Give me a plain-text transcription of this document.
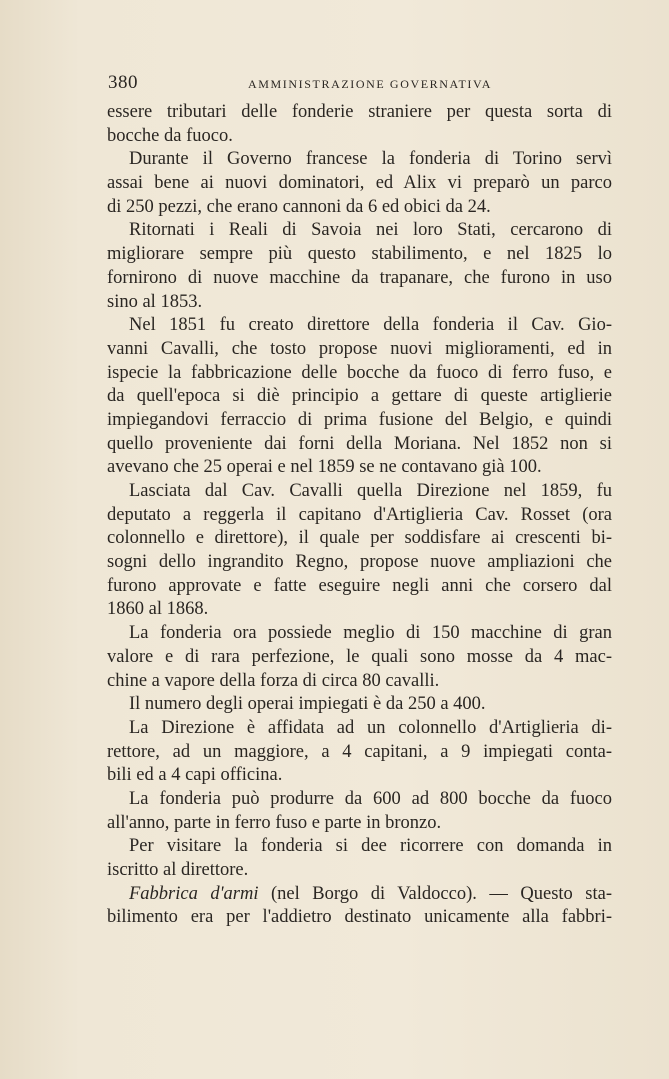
380	AMMINISTRAZIONE GOVERNATIVA
essere tributari delle fonderie straniere per questa sorta di
bocche da fuoco.
Durante il Governo francese la fonderia di Torino servì
assai bene ai nuovi dominatori, ed Alix vi preparò un parco
di 250 pezzi, che erano cannoni da 6 ed obici da 24.
Ritornati i Reali di Savoia nei loro Stati, cercarono di
migliorare sempre più questo stabilimento, e nel 1825 lo
fornirono di nuove macchine da trapanare, che furono in uso
sino al 1853.
Nel 1851 fu creato direttore della fonderia il Cav. Gio-
vanni Cavalli, che tosto propose nuovi miglioramenti, ed in
ispecie la fabbricazione delle bocche da fuoco di ferro fuso, e
da quell'epoca si diè principio a gettare di queste artiglierie
impiegandovi ferraccio di prima fusione del Belgio, e quindi
quello proveniente dai forni della Moriana. Nel 1852 non si
avevano che 25 operai e nel 1859 se ne contavano già 100.
Lasciata dal Cav. Cavalli quella Direzione nel 1859, fu
deputato a reggerla il capitano d'Artiglieria Cav. Rosset (ora
colonnello e direttore), il quale per soddisfare ai crescenti bi-
sogni dello ingrandito Regno, propose nuove ampliazioni che
furono approvate e fatte eseguire negli anni che corsero dal
1860 al 1868.
La fonderia ora possiede meglio di 150 macchine di gran
valore e di rara perfezione, le quali sono mosse da 4 mac-
chine a vapore della forza di circa 80 cavalli.
Il numero degli operai impiegati è da 250 a 400.
La Direzione è affidata ad un colonnello d'Artiglieria di-
rettore, ad un maggiore, a 4 capitani, a 9 impiegati conta-
bili ed a 4 capi officina.
La fonderia può produrre da 600 ad 800 bocche da fuoco
all'anno, parte in ferro fuso e parte in bronzo.
Per visitare la fonderia si dee ricorrere con domanda in
iscritto al direttore.
Fabbrica d'armi (nel Borgo di Valdocco). — Questo sta-
bilimento era per l'addietro destinato unicamente alla fabbri-
